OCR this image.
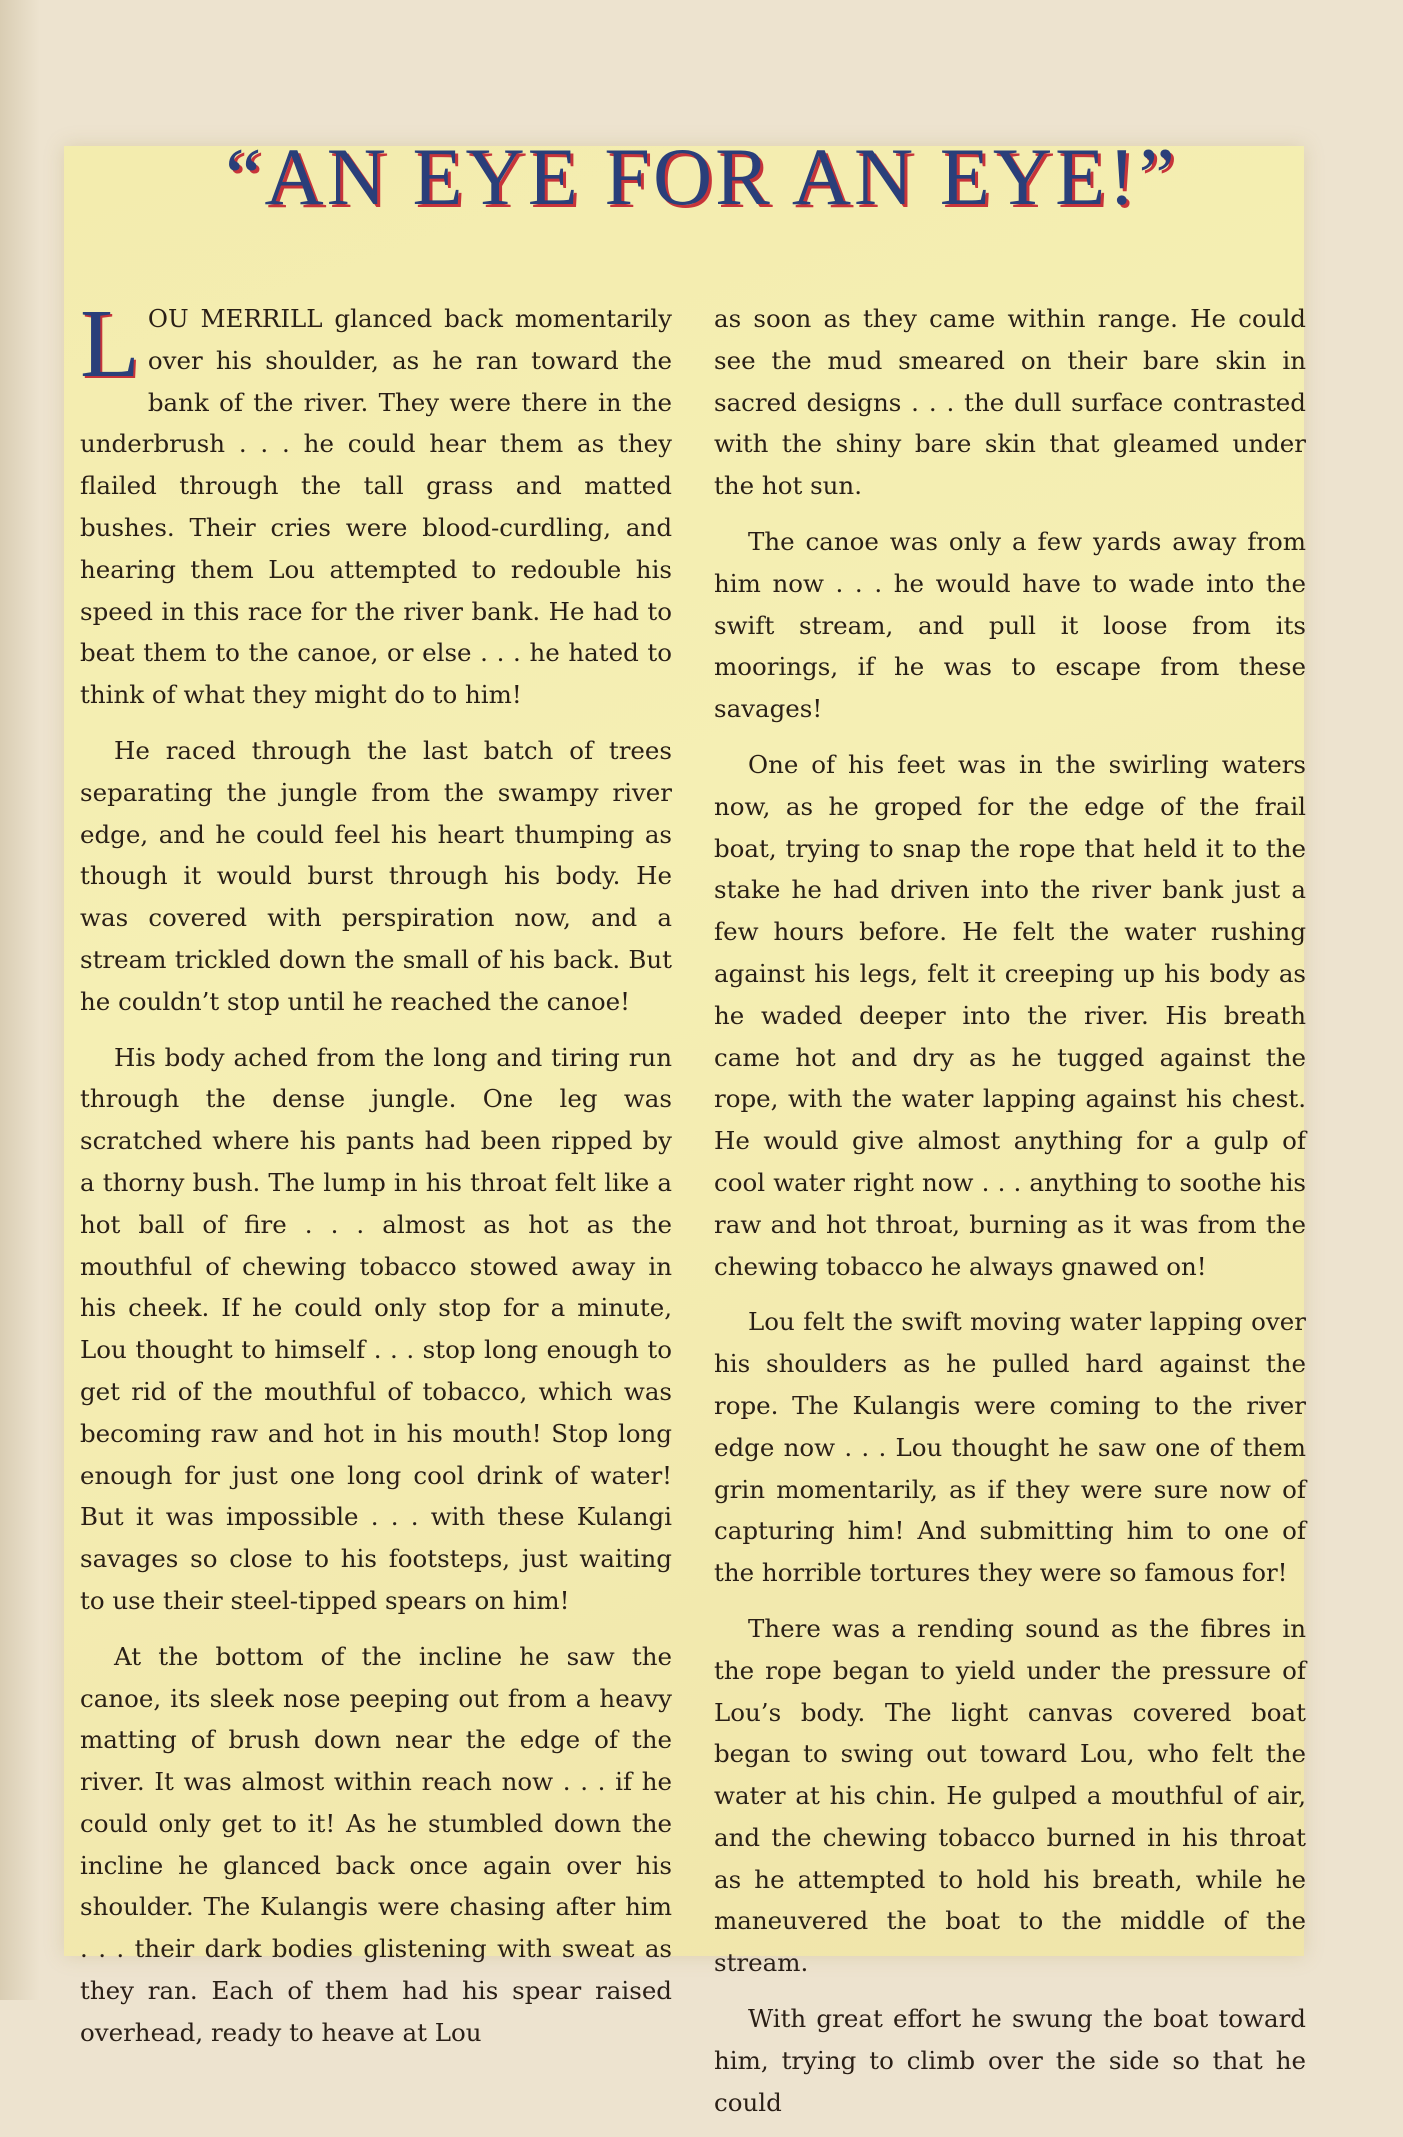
“AN EYE FOR AN EYE!”

LOU MERRILL glanced back momentarily over his shoulder, as he ran toward the bank of the river. They were there in the underbrush . . . he could hear them as they flailed through the tall grass and matted bushes. Their cries were blood-curdling, and hearing them Lou attempted to redouble his speed in this race for the river bank. He had to beat them to the canoe, or else . . . he hated to think of what they might do to him!

He raced through the last batch of trees separating the jungle from the swampy river edge, and he could feel his heart thumping as though it would burst through his body. He was covered with perspiration now, and a stream trickled down the small of his back. But he couldn’t stop until he reached the canoe!

His body ached from the long and tiring run through the dense jungle. One leg was scratched where his pants had been ripped by a thorny bush. The lump in his throat felt like a hot ball of fire . . . almost as hot as the mouthful of chewing tobacco stowed away in his cheek. If he could only stop for a minute, Lou thought to himself . . . stop long enough to get rid of the mouthful of tobacco, which was becoming raw and hot in his mouth! Stop long enough for just one long cool drink of water! But it was impossible . . . with these Kulangi savages so close to his footsteps, just waiting to use their steel-tipped spears on him!

At the bottom of the incline he saw the canoe, its sleek nose peeping out from a heavy matting of brush down near the edge of the river. It was almost within reach now . . . if he could only get to it! As he stumbled down the incline he glanced back once again over his shoulder. The Kulangis were chasing after him . . . their dark bodies glistening with sweat as they ran. Each of them had his spear raised overhead, ready to heave at Lou

as soon as they came within range. He could see the mud smeared on their bare skin in sacred designs . . . the dull surface contrasted with the shiny bare skin that gleamed under the hot sun.

The canoe was only a few yards away from him now . . . he would have to wade into the swift stream, and pull it loose from its moorings, if he was to escape from these savages!

One of his feet was in the swirling waters now, as he groped for the edge of the frail boat, trying to snap the rope that held it to the stake he had driven into the river bank just a few hours before. He felt the water rushing against his legs, felt it creeping up his body as he waded deeper into the river. His breath came hot and dry as he tugged against the rope, with the water lapping against his chest. He would give almost anything for a gulp of cool water right now . . . anything to soothe his raw and hot throat, burning as it was from the chewing tobacco he always gnawed on!

Lou felt the swift moving water lapping over his shoulders as he pulled hard against the rope. The Kulangis were coming to the river edge now . . . Lou thought he saw one of them grin momentarily, as if they were sure now of capturing him! And submitting him to one of the horrible tortures they were so famous for!

There was a rending sound as the fibres in the rope began to yield under the pressure of Lou’s body. The light canvas covered boat began to swing out toward Lou, who felt the water at his chin. He gulped a mouthful of air, and the chewing tobacco burned in his throat as he attempted to hold his breath, while he maneuvered the boat to the middle of the stream.

With great effort he swung the boat toward him, trying to climb over the side so that he could
